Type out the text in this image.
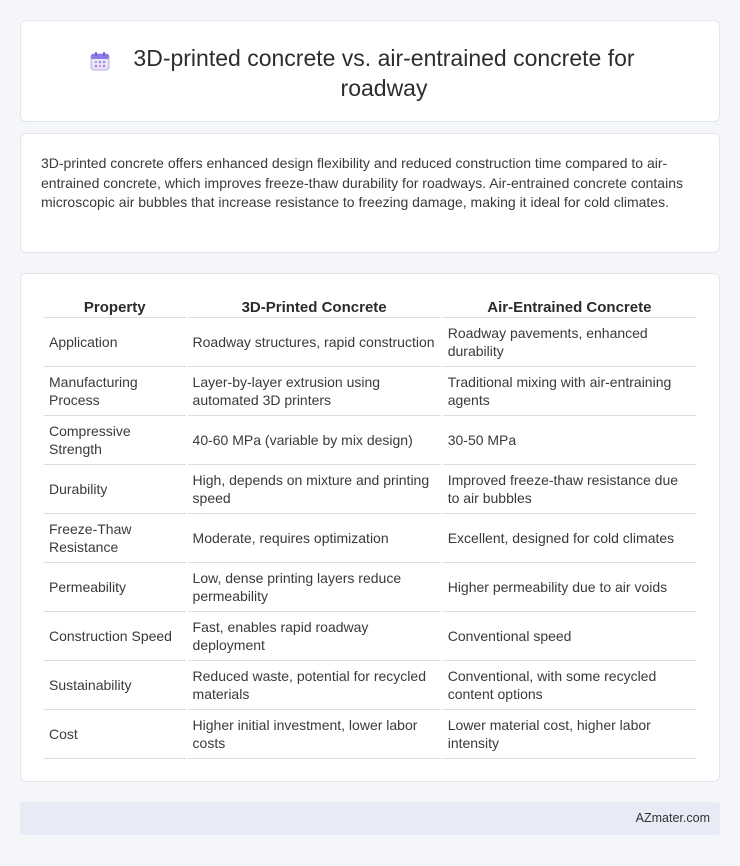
3D-printed concrete vs. air-entrained concrete for roadway

3D-printed concrete offers enhanced design flexibility and reduced construction time compared to air-entrained concrete, which improves freeze-thaw durability for roadways. Air-entrained concrete contains microscopic air bubbles that increase resistance to freezing damage, making it ideal for cold climates.

Property	3D-Printed Concrete	Air-Entrained Concrete
Application	Roadway structures, rapid construction	Roadway pavements, enhanced durability
Manufacturing Process	Layer-by-layer extrusion using automated 3D printers	Traditional mixing with air-entraining agents
Compressive Strength	40-60 MPa (variable by mix design)	30-50 MPa
Durability	High, depends on mixture and printing speed	Improved freeze-thaw resistance due to air bubbles
Freeze-Thaw Resistance	Moderate, requires optimization	Excellent, designed for cold climates
Permeability	Low, dense printing layers reduce permeability	Higher permeability due to air voids
Construction Speed	Fast, enables rapid roadway deployment	Conventional speed
Sustainability	Reduced waste, potential for recycled materials	Conventional, with some recycled content options
Cost	Higher initial investment, lower labor costs	Lower material cost, higher labor intensity
AZmater.com
